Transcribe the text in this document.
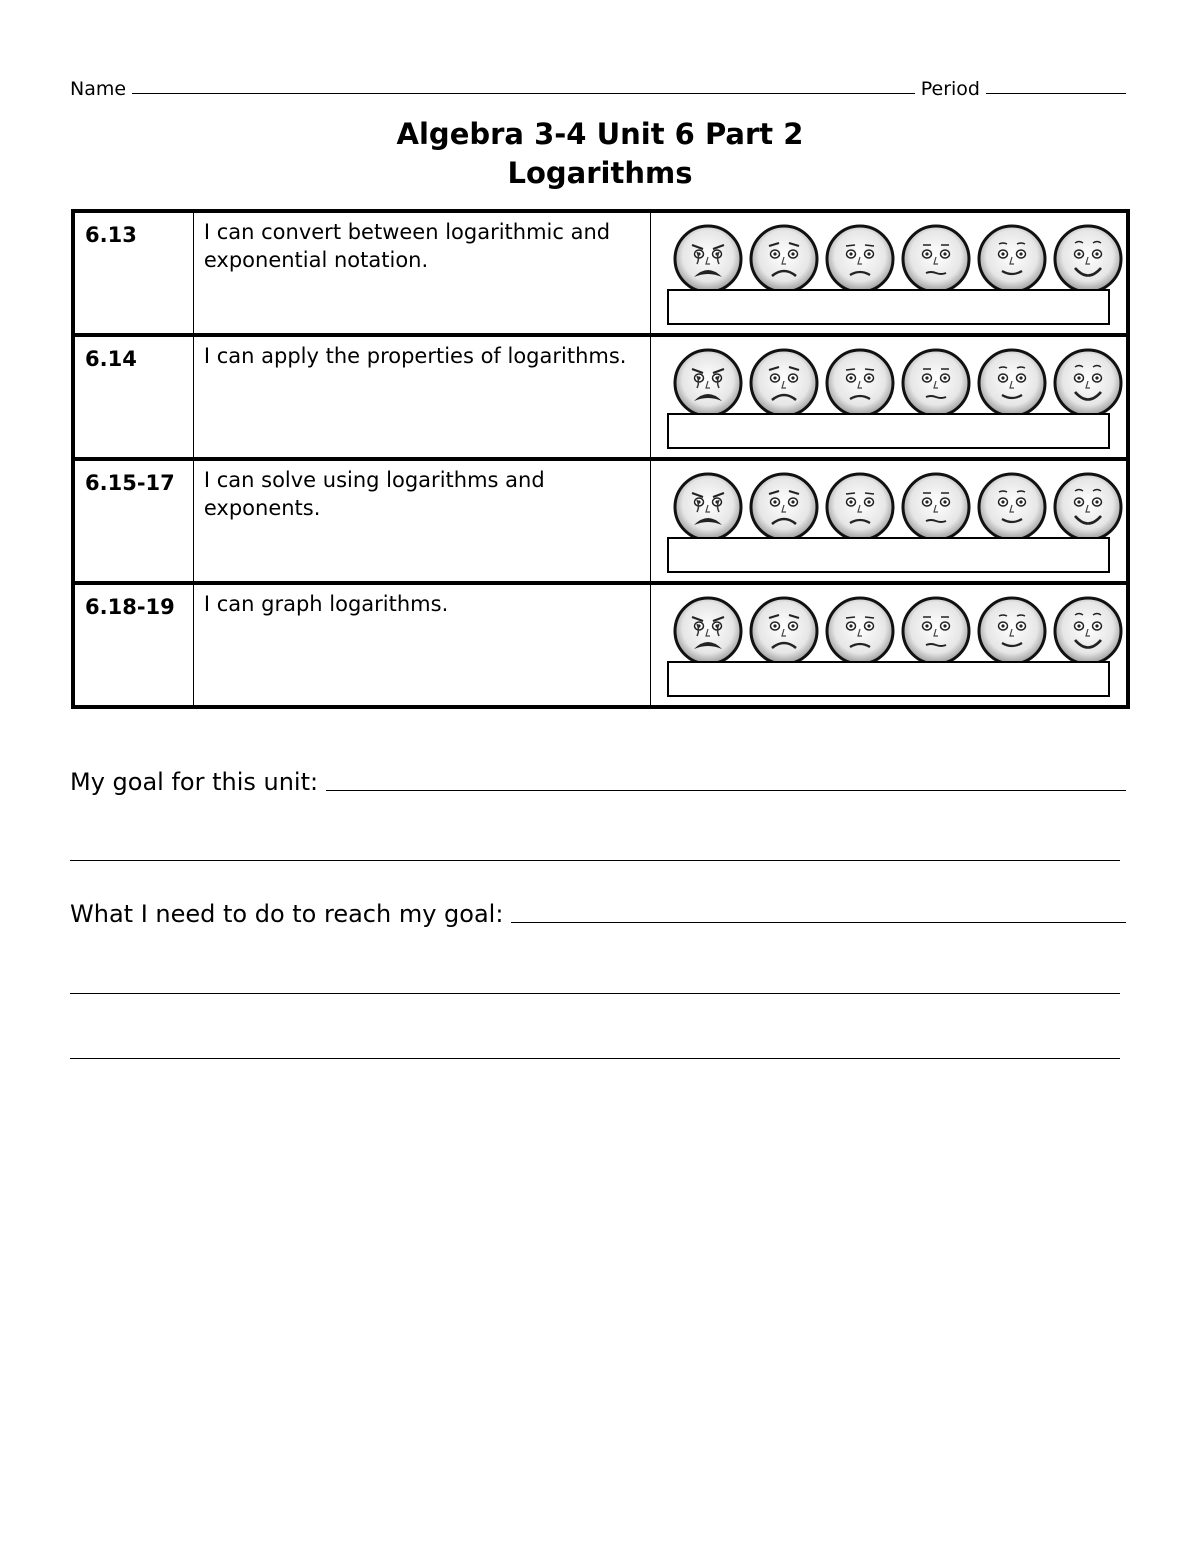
Name	Period
Algebra 3-4 Unit 6 Part 2
Logarithms
6.13	I can convert between logarithmic and exponential notation.	

6.14	I can apply the properties of logarithms.	

6.15-17	I can solve using logarithms and exponents.	

6.18-19	I can graph logarithms.	
My goal for this unit:
What I need to do to reach my goal:
